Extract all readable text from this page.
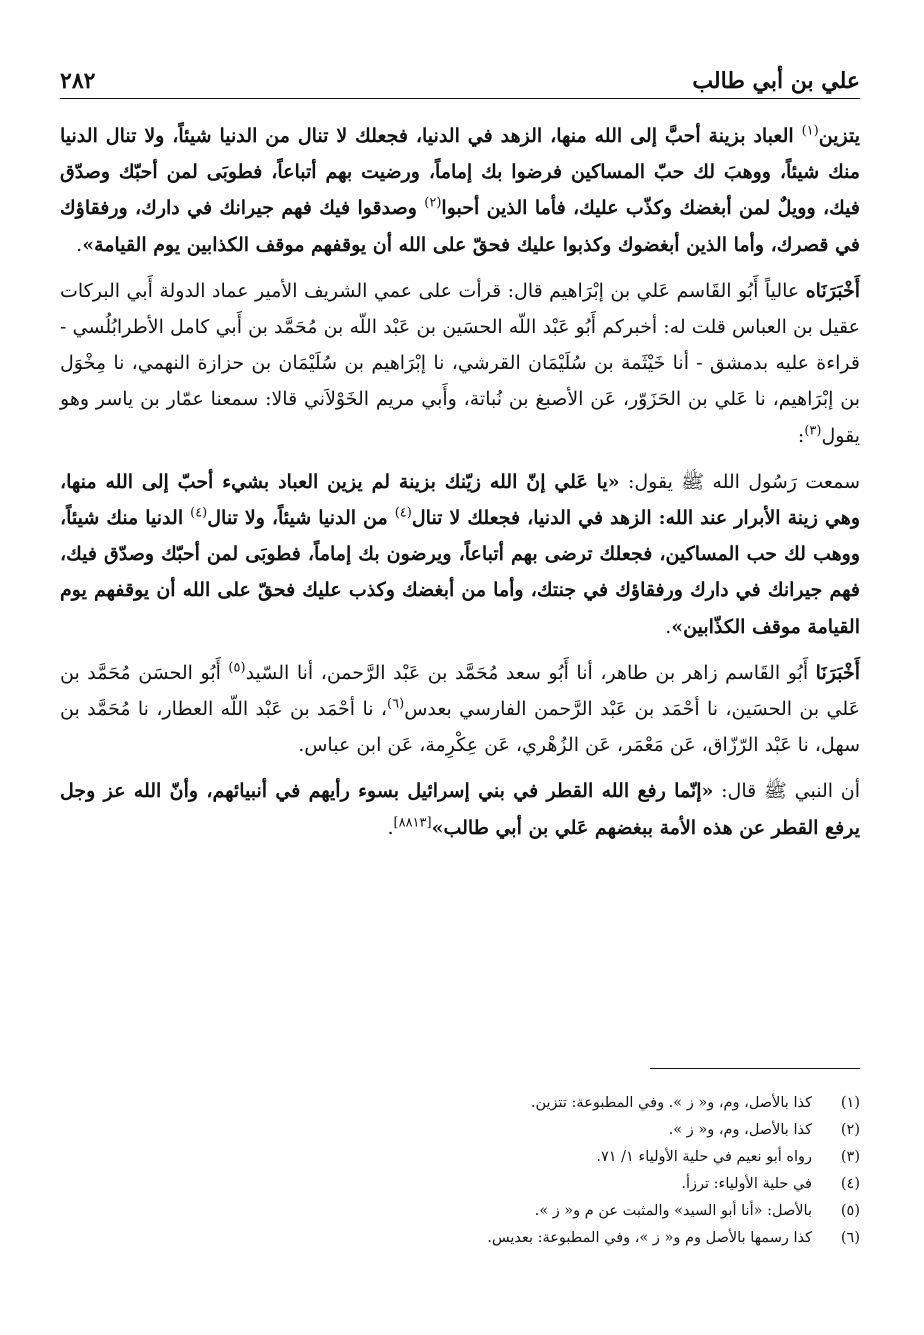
علي بن أبي طالب
٢٨٢

يتزين$^{(١)}$ العباد بزينة أحبَّ إلى الله منها، الزهد في الدنيا، فجعلك لا تنال من الدنيا شيئاً، ولا تنال الدنيا منك شيئاً، ووهبَ لك حبّ المساكين فرضوا بك إماماً، ورضيت بهم أتباعاً، فطوبَى لمن أحبّك وصدّق فيك، وويلٌ لمن أبغضك وكذّب عليك، فأما الذين أحبوا$^{(٢)}$ وصدقوا فيك فهم جيرانك في دارك، ورفقاؤك في قصرك، وأما الذين أبغضوك وكذبوا عليك فحقّ على الله أن يوقفهم موقف الكذابين يوم القيامة».

أَخْبَرَنَاه عالياً أَبُو القَاسم عَلي بن إبْرَاهيم قال: قرأت على عمي الشريف الأمير عماد الدولة أَبي البركات عقيل بن العباس قلت له: أخبركم أَبُو عَبْد اللّه الحسَين بن عَبْد اللّه بن مُحَمَّد بن أَبي كامل الأطرابُلُسي - قراءة عليه بدمشق - أنا خَيْثَمة بن سُلَيْمَان القرشي، نا إبْرَاهيم بن سُلَيْمَان بن حزازة النهمي، نا مِخْوَل بن إبْرَاهيم، نا عَلي بن الحَزَوّر، عَن الأصبغ بن نُباتة، وأَبي مريم الخَوْلاَني قالا: سمعنا عمّار بن ياسر وهو يقول$^{(٣)}$:

سمعت رَسُول الله ﷺ يقول: «يا عَلي إنّ الله زيّنك بزينة لم يزين العباد بشيء أحبّ إلى الله منها، وهي زينة الأبرار عند الله: الزهد في الدنيا، فجعلك لا تنال$^{(٤)}$ من الدنيا شيئاً، ولا تنال$^{(٤)}$ الدنيا منك شيئاً، ووهب لك حب المساكين، فجعلك ترضى بهم أتباعاً، ويرضون بك إماماً، فطوبَى لمن أحبّك وصدّق فيك، فهم جيرانك في دارك ورفقاؤك في جنتك، وأما من أبغضك وكذب عليك فحقّ على الله أن يوقفهم يوم القيامة موقف الكذّابين».

أَخْبَرَنَا أَبُو القَاسم زاهر بن طاهر، أنا أَبُو سعد مُحَمَّد بن عَبْد الرَّحمن، أنا السّيد$^{(٥)}$ أَبُو الحسَن مُحَمَّد بن عَلي بن الحسَين، نا أحْمَد بن عَبْد الرَّحمن الفارسي بعدس$^{(٦)}$، نا أحْمَد بن عَبْد اللّه العطار، نا مُحَمَّد بن سهل، نا عَبْد الرّزّاق، عَن مَعْمَر، عَن الزُهْري، عَن عِكْرِمة، عَن ابن عباس.

أن النبي ﷺ قال: «إنّما رفع الله القطر في بني إسرائيل بسوء رأيهم في أنبيائهم، وأنّ الله عز وجل يرفع القطر عن هذه الأمة ببغضهم عَلي بن أبي طالب»[٨٨١٣].

(١)
كذا بالأصل، وم، و« ز ». وفي المطبوعة: تتزين.
(٢)
كذا بالأصل، وم، و« ز ».
(٣)
رواه أبو نعيم في حلية الأولياء ١/ ٧١.
(٤)
في حلية الأولياء: ترزأ.
(٥)
بالأصل: «أنا أبو السيد» والمثبت عن م و« ز ».
(٦)
كذا رسمها بالأصل وم و« ز »، وفي المطبوعة: بعديس.
